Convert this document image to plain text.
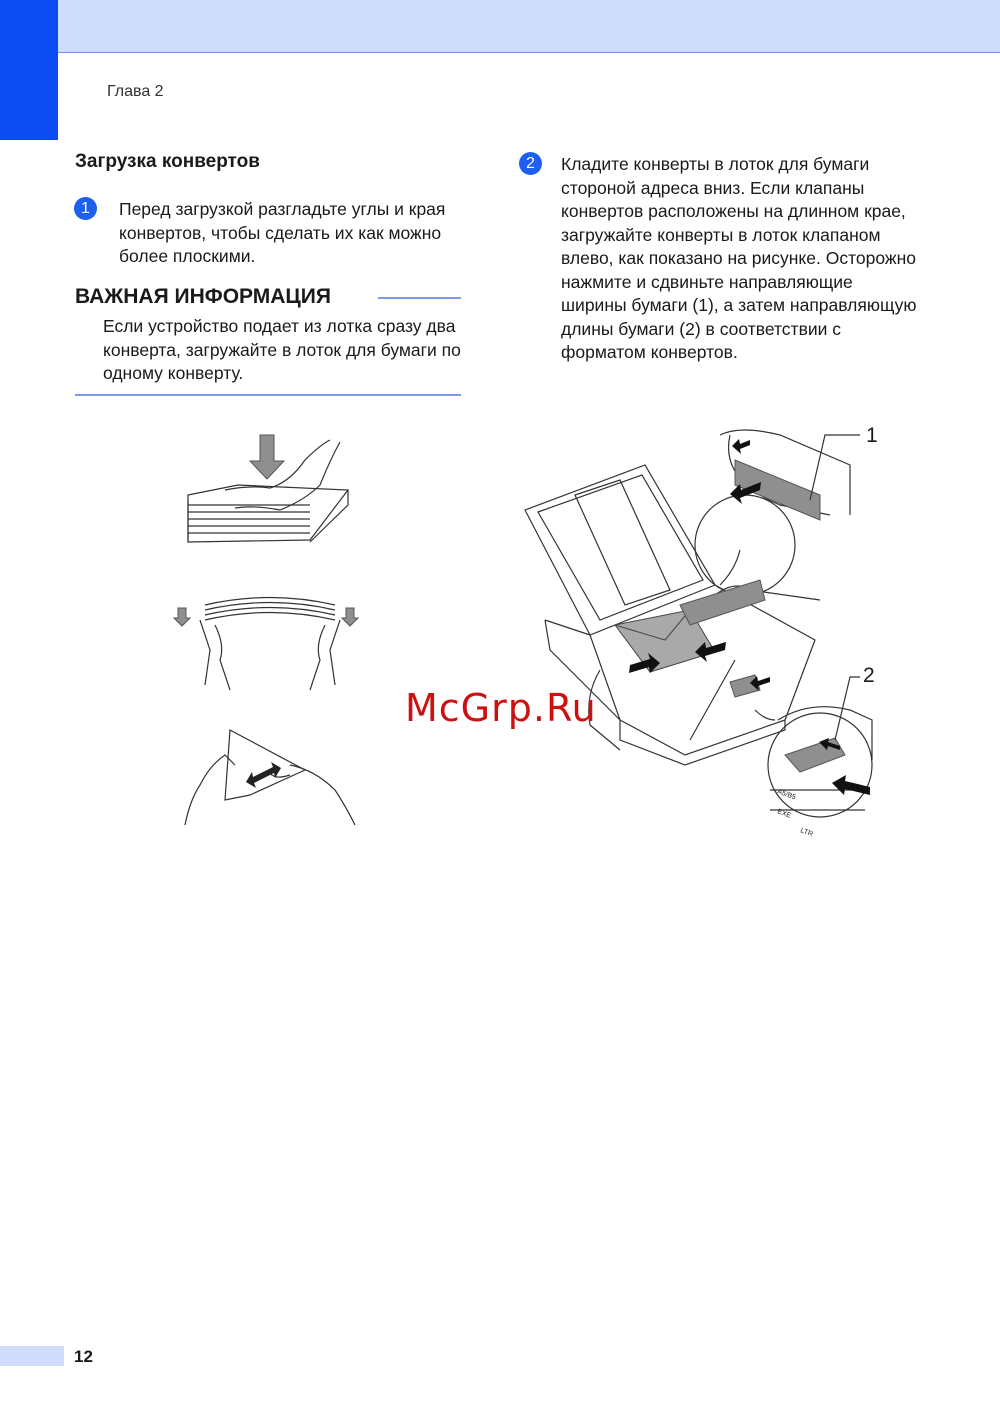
Глава 2
Загрузка конвертов
1	Перед загрузкой разгладьте углы и края конвертов, чтобы сделать их как можно более плоскими.

ВАЖНАЯ ИНФОРМАЦИЯ

Если устройство подает из лотка сразу два конверта, загружайте в лоток для бумаги по одному конверту.

2	Кладите конверты в лоток для бумаги стороной адреса вниз. Если клапаны конвертов расположены на длинном крае, загружайте конверты в лоток клапаном влево, как показано на рисунке. Осторожно нажмите и сдвиньте направляющие ширины бумаги (1), а затем направляющую длины бумаги (2) в соответствии с форматом конвертов.

A5/B5
EXE
LTR
1
2
McGrp.Ru
12
